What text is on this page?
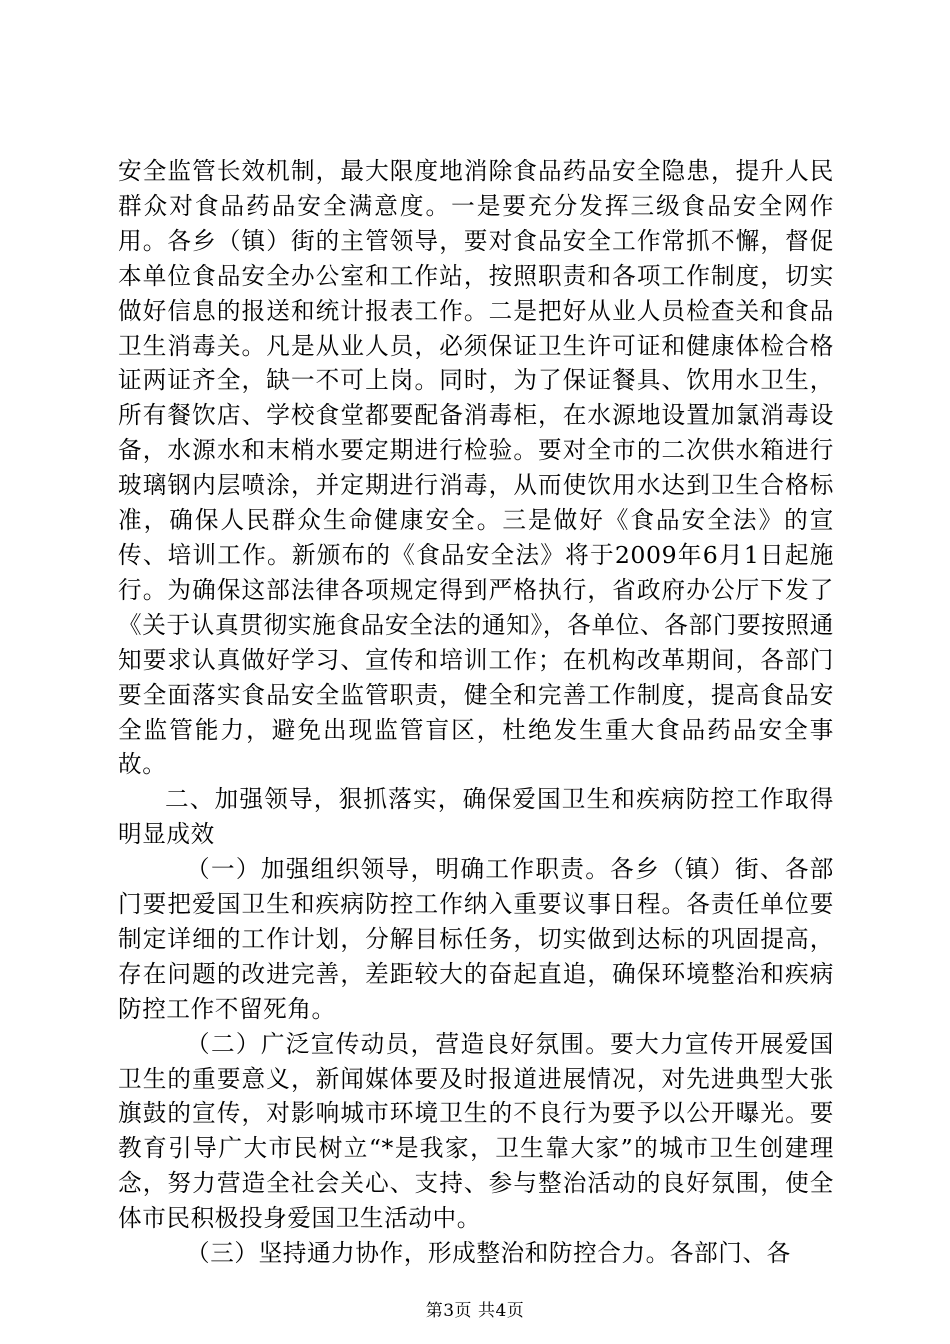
安全监管长效机制，最大限度地消除食品药品安全隐患，提升人民群众对食品药品安全满意度。一是要充分发挥三级食品安全网作用。各乡（镇）街的主管领导，要对食品安全工作常抓不懈，督促本单位食品安全办公室和工作站，按照职责和各项工作制度，切实做好信息的报送和统计报表工作。二是把好从业人员检查关和食品卫生消毒关。凡是从业人员，必须保证卫生许可证和健康体检合格证两证齐全，缺一不可上岗。同时，为了保证餐具、饮用水卫生，所有餐饮店、学校食堂都要配备消毒柜，在水源地设置加氯消毒设备，水源水和末梢水要定期进行检验。要对全市的二次供水箱进行玻璃钢内层喷涂，并定期进行消毒，从而使饮用水达到卫生合格标准，确保人民群众生命健康安全。三是做好《食品安全法》的宣传、培训工作。新颁布的《食品安全法》将于2009年6月1日起施行。为确保这部法律各项规定得到严格执行，省政府办公厅下发了《关于认真贯彻实施食品安全法的通知》，各单位、各部门要按照通知要求认真做好学习、宣传和培训工作；在机构改革期间，各部门要全面落实食品安全监管职责，健全和完善工作制度，提高食品安全监管能力，避免出现监管盲区，杜绝发生重大食品药品安全事故。

二、加强领导，狠抓落实，确保爱国卫生和疾病防控工作取得明显成效

（一）加强组织领导，明确工作职责。各乡（镇）街、各部门要把爱国卫生和疾病防控工作纳入重要议事日程。各责任单位要制定详细的工作计划，分解目标任务，切实做到达标的巩固提高，存在问题的改进完善，差距较大的奋起直追，确保环境整治和疾病防控工作不留死角。

（二）广泛宣传动员，营造良好氛围。要大力宣传开展爱国卫生的重要意义，新闻媒体要及时报道进展情况，对先进典型大张旗鼓的宣传，对影响城市环境卫生的不良行为要予以公开曝光。要教育引导广大市民树立“*是我家，卫生靠大家”的城市卫生创建理念，努力营造全社会关心、支持、参与整治活动的良好氛围，使全体市民积极投身爱国卫生活动中。

（三）坚持通力协作，形成整治和防控合力。各部门、各

第3页 共4页
